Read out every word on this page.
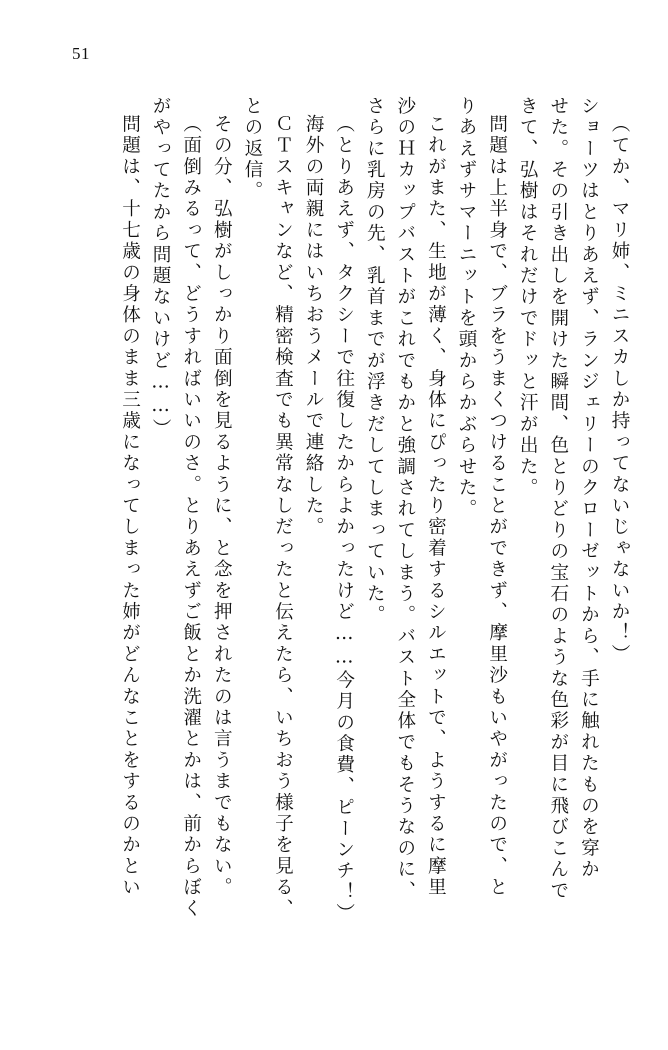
51
（てか、マリ姉、ミニスカしか持ってないじゃないか！）
ショーツはとりあえず、ランジェリーのクローゼットから、手に触れたものを穿か
せた。その引き出しを開けた瞬間、色とりどりの宝石のような色彩が目に飛びこんで
きて、弘樹はそれだけでドッと汗が出た。
問題は上半身で、ブラをうまくつけることができず、摩里沙もいやがったので、と
りあえずサマーニットを頭からかぶらせた。
これがまた、生地が薄く、身体にぴったり密着するシルエットで、ようするに摩里
沙のＨカップバストがこれでもかと強調されてしまう。バスト全体でもそうなのに、
さらに乳房の先、乳首までが浮きだしてしまっていた。
（とりあえず、タクシーで往復したからよかったけど……今月の食費、ピーンチ！）
海外の両親にはいちおうメールで連絡した。
ＣＴスキャンなど、精密検査でも異常なしだったと伝えたら、いちおう様子を見る、
との返信。
その分、弘樹がしっかり面倒を見るように、と念を押されたのは言うまでもない。
（面倒みるって、どうすればいいのさ。とりあえずご飯とか洗濯とかは、前からぼく
がやってたから問題ないけど……）
問題は、十七歳の身体のまま三歳になってしまった姉がどんなことをするのかとい
